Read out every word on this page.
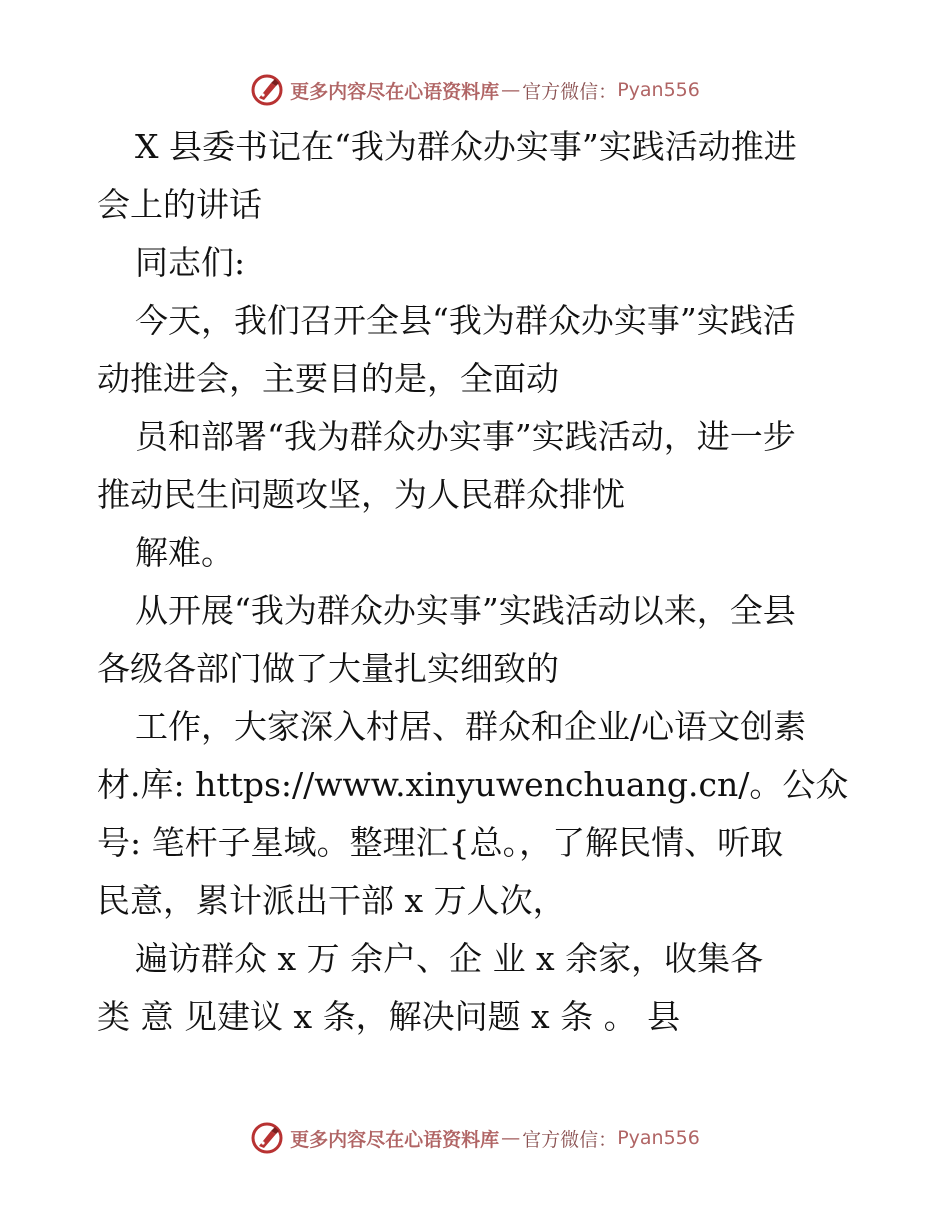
更多内容尽在心语资料库 — 官方微信： Pyan556
X 县委书记在“我为群众办实事”实践活动推进
会上的讲话
同志们:
今天，我们召开全县“我为群众办实事”实践活
动推进会，主要目的是，全面动
员和部署“我为群众办实事”实践活动，进一步
推动民生问题攻坚，为人民群众排忧
解难。
从开展“我为群众办实事”实践活动以来，全县
各级各部门做了大量扎实细致的
工作，大家深入村居、群众和企业/心语文创素
材.库: https://www.xinyuwenchuang.cn/。公众
号: 笔杆子星域。整理汇{总。，了解民情、听取
民意，累计派出干部 x 万人次，
遍访群众 x 万 余户、企 业 x 余家，收集各
类 意 见建议 x 条，解决问题 x 条 。 县
更多内容尽在心语资料库 — 官方微信： Pyan556
